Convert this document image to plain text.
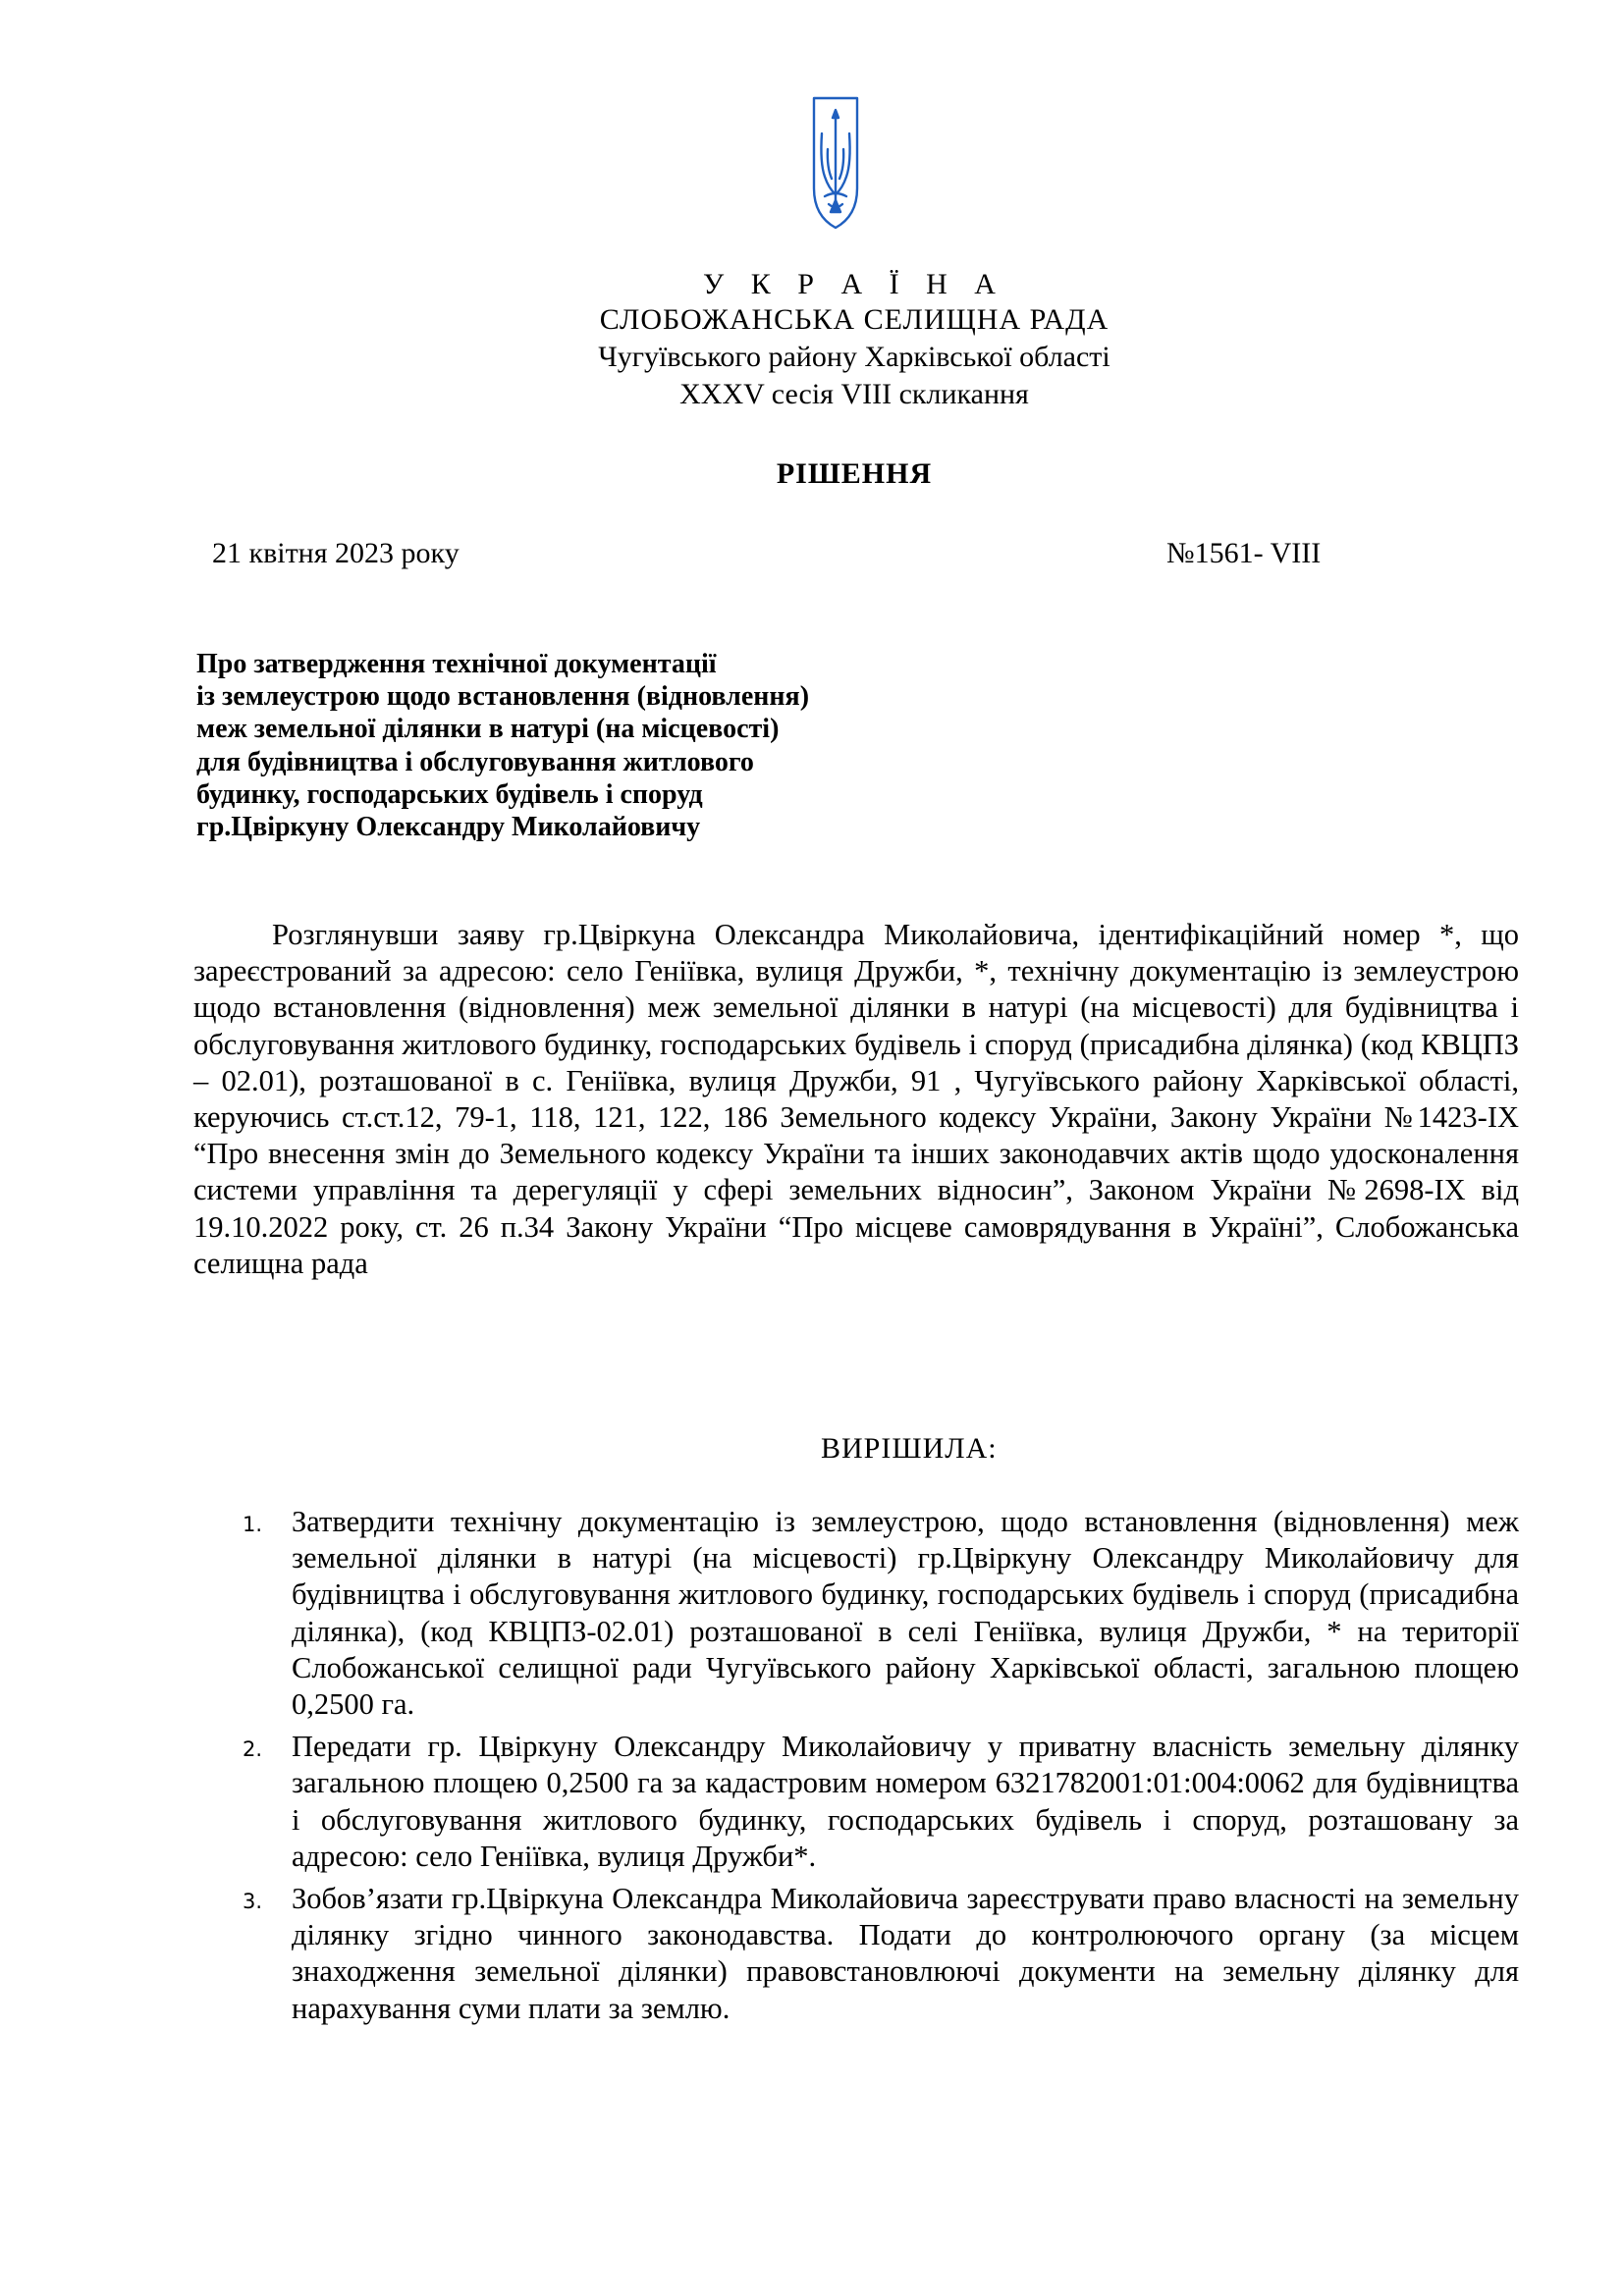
У К Р А Ї Н А
СЛОБОЖАНСЬКА СЕЛИЩНА РАДА
Чугуївського району Харківської області
XXXV сесія VIII скликання
РІШЕННЯ
21 квітня 2023 року	№1561- VIII
Про затвердження технічної документації
із землеустрою щодо встановлення (відновлення)
меж земельної ділянки в натурі (на місцевості)
для будівництва і обслуговування житлового
будинку, господарських будівель і споруд
гр.Цвіркуну Олександру Миколайовичу

Розглянувши заяву гр.Цвіркуна Олександра Миколайовича, ідентифікаційний номер *, що зареєстрований за адресою: село Геніївка, вулиця Дружби, *, технічну документацію із землеустрою щодо встановлення (відновлення) меж земельної ділянки в натурі (на місцевості) для будівництва і обслуговування житлового будинку, господарських будівель і споруд (присадибна ділянка) (код КВЦПЗ – 02.01), розташованої в с. Геніївка, вулиця Дружби, 91 , Чугуївського району Харківської області, керуючись ст.ст.12, 79-1, 118, 121, 122, 186 Земельного кодексу України, Закону України №1423-IX “Про внесення змін до Земельного кодексу України та інших законодавчих актів щодо удосконалення системи управління та дерегуляції у сфері земельних відносин”, Законом України №2698-IX від 19.10.2022 року, ст. 26 п.34 Закону України “Про місцеве самоврядування в Україні”, Слобожанська селищна рада

ВИРІШИЛА:
1. Затвердити технічну документацію із землеустрою, щодо встановлення (відновлення) меж земельної ділянки в натурі (на місцевості) гр.Цвіркуну Олександру Миколайовичу для будівництва і обслуговування житлового будинку, господарських будівель і споруд (присадибна ділянка), (код КВЦПЗ-02.01) розташованої в селі Геніївка, вулиця Дружби, * на території Слобожанської селищної ради Чугуївського району Харківської області, загальною площею 0,2500 га.
2. Передати гр. Цвіркуну Олександру Миколайовичу у приватну власність земельну ділянку загальною площею 0,2500 га за кадастровим номером 6321782001:01:004:0062 для будівництва і обслуговування житлового будинку, господарських будівель і споруд, розташовану за адресою: село Геніївка, вулиця Дружби*.
3. Зобов’язати гр.Цвіркуна Олександра Миколайовича зареєструвати право власності на земельну ділянку згідно чинного законодавства. Подати до контролюючого органу (за місцем знаходження земельної ділянки) правовстановлюючі документи на земельну ділянку для нарахування суми плати за землю.
